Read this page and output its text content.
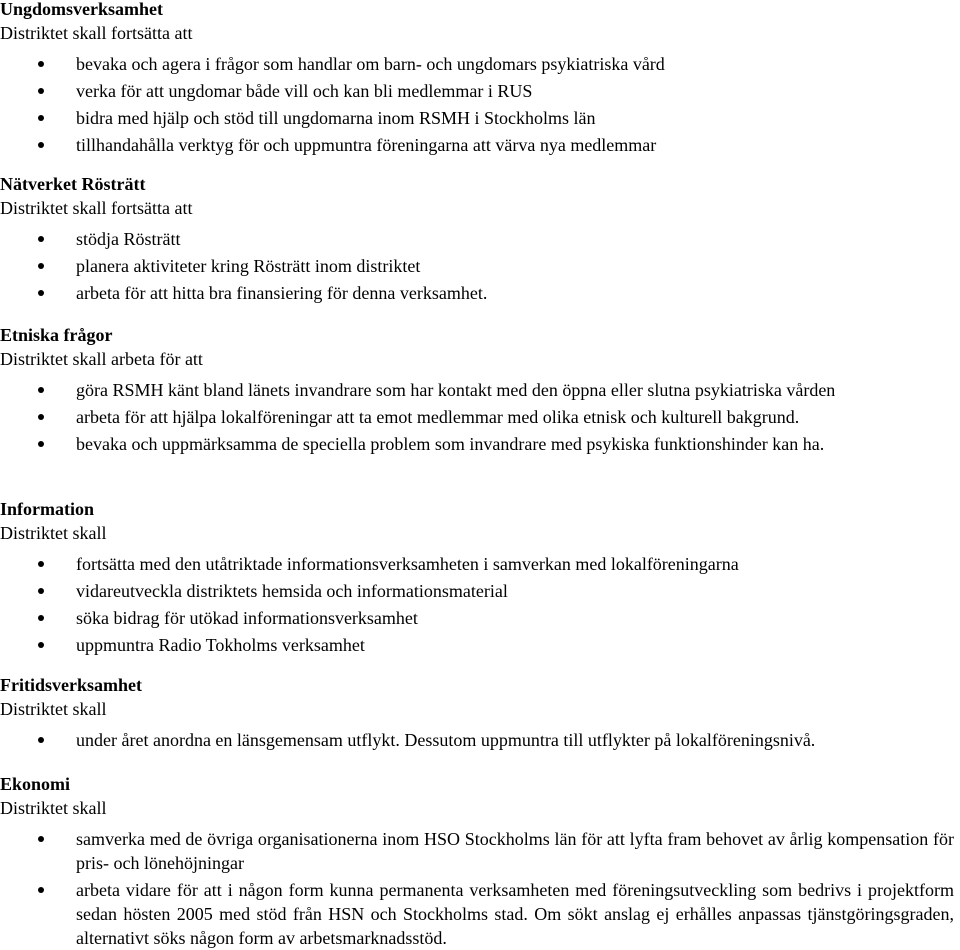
Ungdomsverksamhet

Distriktet skall fortsätta att

bevaka och agera i frågor som handlar om barn- och ungdomars psykiatriska vård
verka för att ungdomar både vill och kan bli medlemmar i RUS
bidra med hjälp och stöd till ungdomarna inom RSMH i Stockholms län
tillhandahålla verktyg för och uppmuntra föreningarna att värva nya medlemmar

Nätverket Rösträtt

Distriktet skall fortsätta att

stödja Rösträtt
planera aktiviteter kring Rösträtt inom distriktet
arbeta för att hitta bra finansiering för denna verksamhet.

Etniska frågor

Distriktet skall arbeta för att

göra RSMH känt bland länets invandrare som har kontakt med den öppna eller slutna psykiatriska vården
arbeta för att hjälpa lokalföreningar att ta emot medlemmar med olika etnisk och kulturell bakgrund.
bevaka och uppmärksamma de speciella problem som invandrare med psykiska funktionshinder kan ha.

Information

Distriktet skall

fortsätta med den utåtriktade informationsverksamheten i samverkan med lokalföreningarna
vidareutveckla distriktets hemsida och informationsmaterial
söka bidrag för utökad informationsverksamhet
uppmuntra Radio Tokholms verksamhet

Fritidsverksamhet

Distriktet skall

under året anordna en länsgemensam utflykt. Dessutom uppmuntra till utflykter på lokalföreningsnivå.

Ekonomi

Distriktet skall

samverka med de övriga organisationerna inom HSO Stockholms län för att lyfta fram behovet av årlig kompensation för pris- och lönehöjningar
arbeta vidare för att i någon form kunna permanenta verksamheten med föreningsutveckling som bedrivs i projektform sedan hösten 2005 med stöd från HSN och Stockholms stad. Om sökt anslag ej erhålles anpassas tjänstgöringsgraden, alternativt söks någon form av arbetsmarknadsstöd.
